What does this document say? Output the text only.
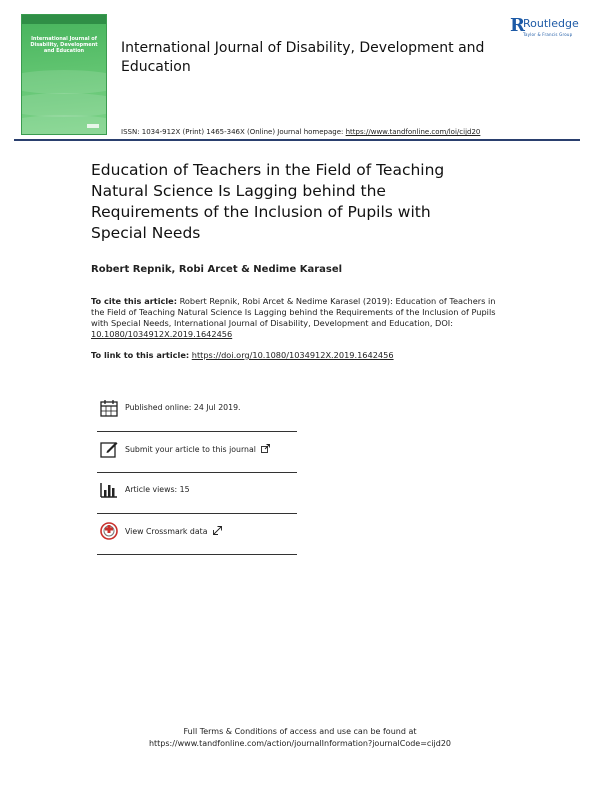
International Journal of Disability, Development and Education	International Journal of Disability, Development and Education
ISSN: 1034-912X (Print) 1465-346X (Online) Journal homepage: https://www.tandfonline.com/loi/cijd20
R
Routledge
Taylor & Francis Group
Education of Teachers in the Field of Teaching Natural Science Is Lagging behind the Requirements of the Inclusion of Pupils with Special Needs
Robert Repnik, Robi Arcet & Nedime Karasel
To cite this article: Robert Repnik, Robi Arcet & Nedime Karasel (2019): Education of Teachers in the Field of Teaching Natural Science Is Lagging behind the Requirements of the Inclusion of Pupils with Special Needs, International Journal of Disability, Development and Education, DOI: 10.1080/1034912X.2019.1642456
To link to this article: https://doi.org/10.1080/1034912X.2019.1642456
Published online: 24 Jul 2019.
Submit your article to this journal
Article views: 15
View Crossmark data
Full Terms & Conditions of access and use can be found at
https://www.tandfonline.com/action/journalInformation?journalCode=cijd20
